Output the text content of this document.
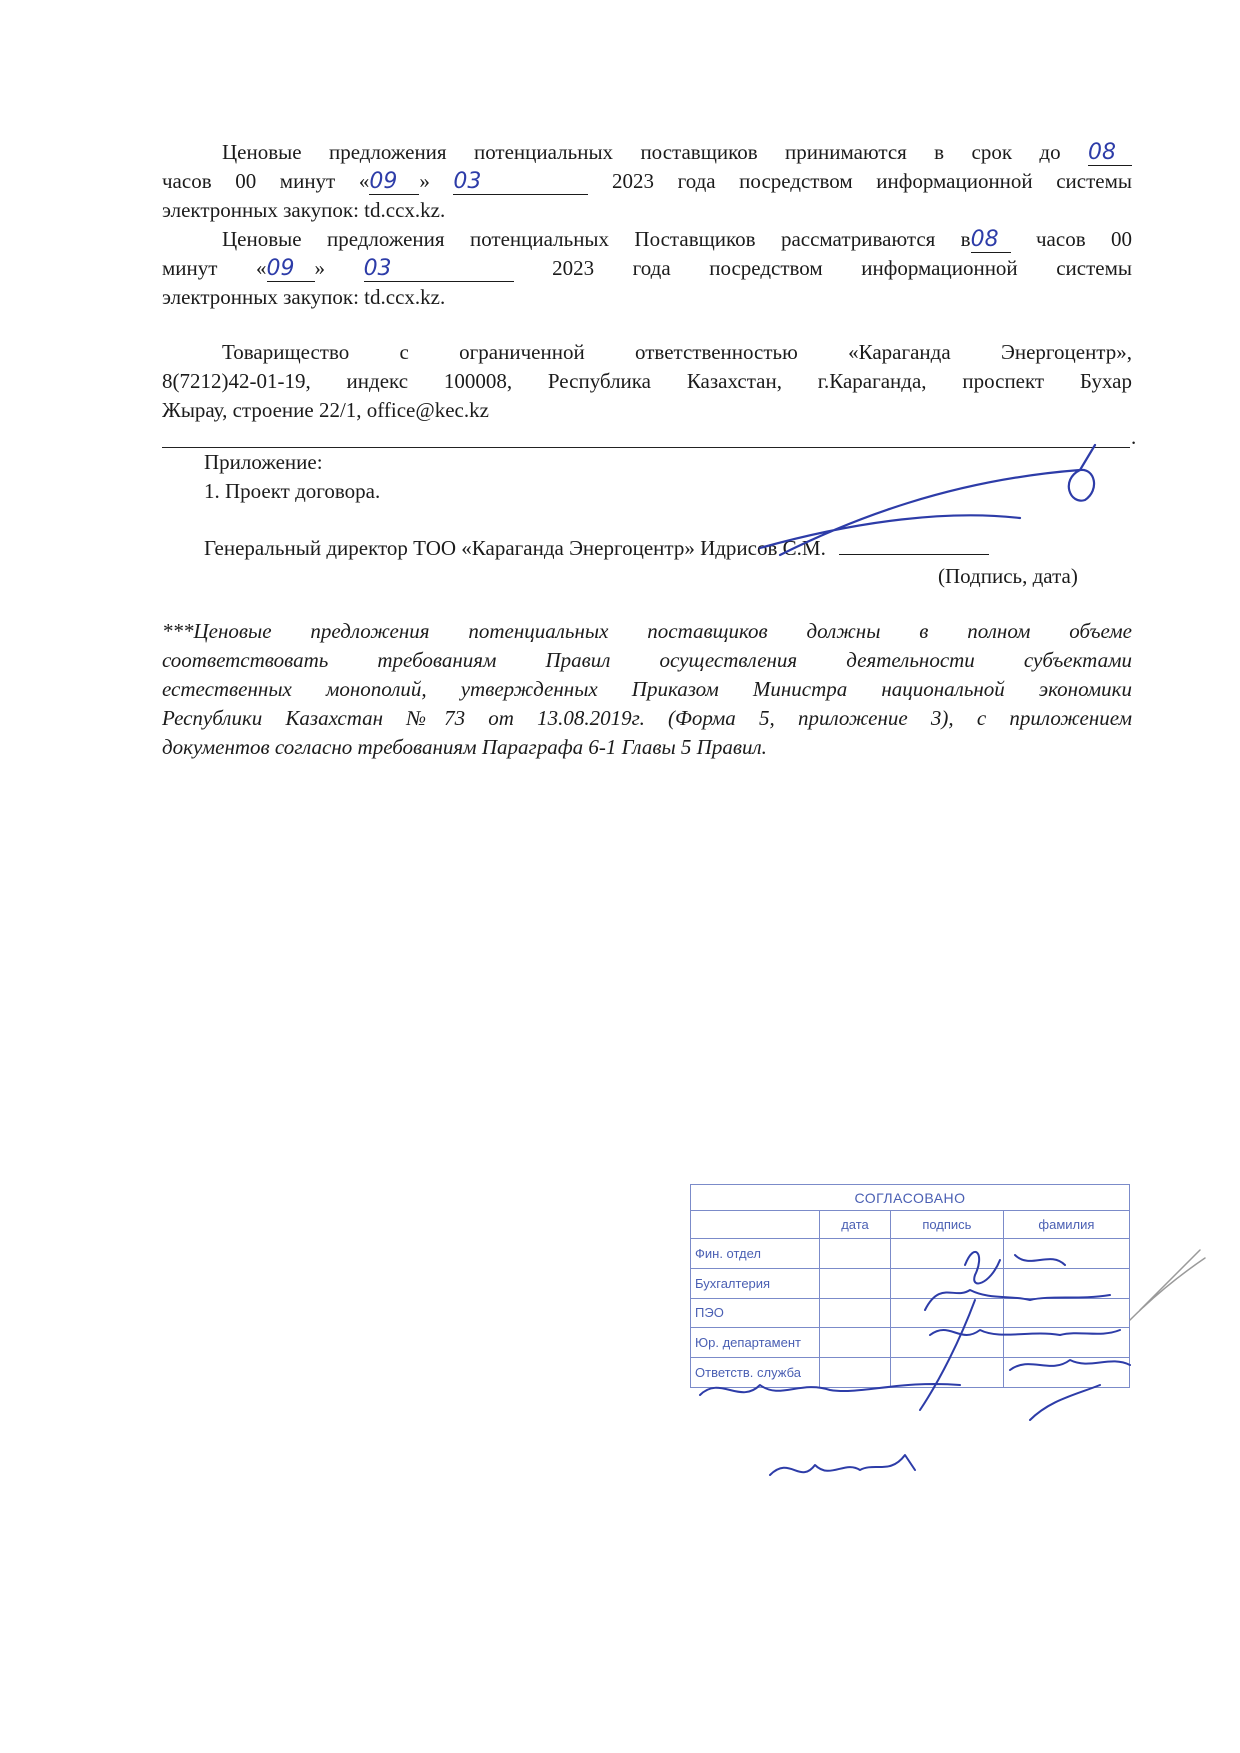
Ценовые предложения потенциальных поставщиков принимаются в срок до 08
часов 00 минут «09 » 03	2023 года посредством информационной системы
электронных закупок: td.ccx.kz.
Ценовые предложения потенциальных Поставщиков рассматриваются в08 часов 00
минут «09 » 03	2023 года посредством информационной системы
электронных закупок: td.ccx.kz.
Товарищество с ограниченной ответственностью «Караганда Энергоцентр»,
8(7212)42-01-19, индекс 100008, Республика Казахстан, г.Караганда, проспект Бухар
Жырау, строение 22/1, office@kec.kz
.
Приложение:
1. Проект договора.
Генеральный директор ТОО «Караганда Энергоцентр» Идрисов С.М.
(Подпись, дата)
***Ценовые предложения потенциальных поставщиков должны в полном объеме
соответствовать требованиям Правил осуществления деятельности субъектами
естественных монополий, утвержденных Приказом Министра национальной экономики
Республики Казахстан №73 от 13.08.2019г. (Форма 5, приложение 3), с приложением
документов согласно требованиям Параграфа 6-1 Главы 5 Правил.
СОГЛАСОВАНО			
	дата	подпись	фамилия
Фин. отдел			
Бухгалтерия			
ПЭО			
Юр. департамент			
Ответств. служба			
